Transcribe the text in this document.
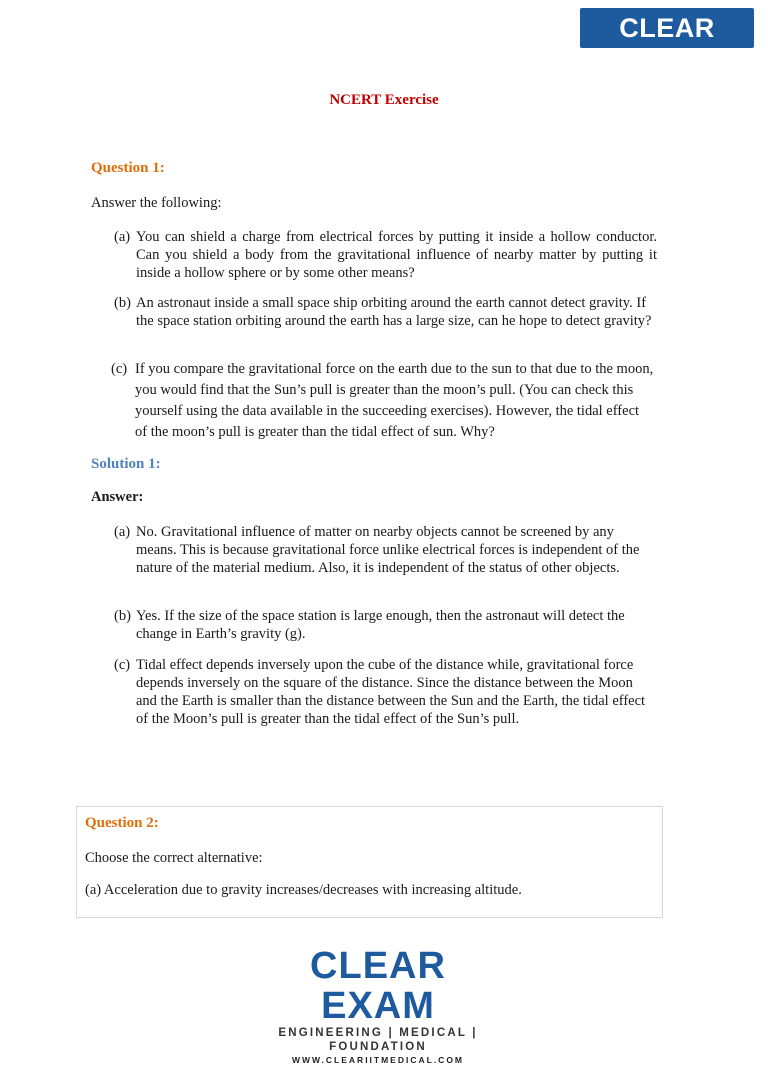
CLEAR EXAM
NCERT Exercise
Question 1:
Answer the following:
(a) You can shield a charge from electrical forces by putting it inside a hollow conductor. Can you shield a body from the gravitational influence of nearby matter by putting it inside a hollow sphere or by some other means?
(b) An astronaut inside a small space ship orbiting around the earth cannot detect gravity. If the space station orbiting around the earth has a large size, can he hope to detect gravity?
(c) If you compare the gravitational force on the earth due to the sun to that due to the moon, you would find that the Sun’s pull is greater than the moon’s pull. (You can check this yourself using the data available in the succeeding exercises). However, the tidal effect of the moon’s pull is greater than the tidal effect of sun. Why?
Solution 1:
Answer:
(a) No. Gravitational influence of matter on nearby objects cannot be screened by any means. This is because gravitational force unlike electrical forces is independent of the nature of the material medium. Also, it is independent of the status of other objects.
(b) Yes. If the size of the space station is large enough, then the astronaut will detect the change in Earth’s gravity (g).
(c) Tidal effect depends inversely upon the cube of the distance while, gravitational force depends inversely on the square of the distance. Since the distance between the Moon and the Earth is smaller than the distance between the Sun and the Earth, the tidal effect of the Moon’s pull is greater than the tidal effect of the Sun’s pull.
Question 2:
Choose the correct alternative:
(a) Acceleration due to gravity increases/decreases with increasing altitude.
CLEAR EXAM
ENGINEERING | MEDICAL | FOUNDATION
WWW.CLEARIITMEDICAL.COM
